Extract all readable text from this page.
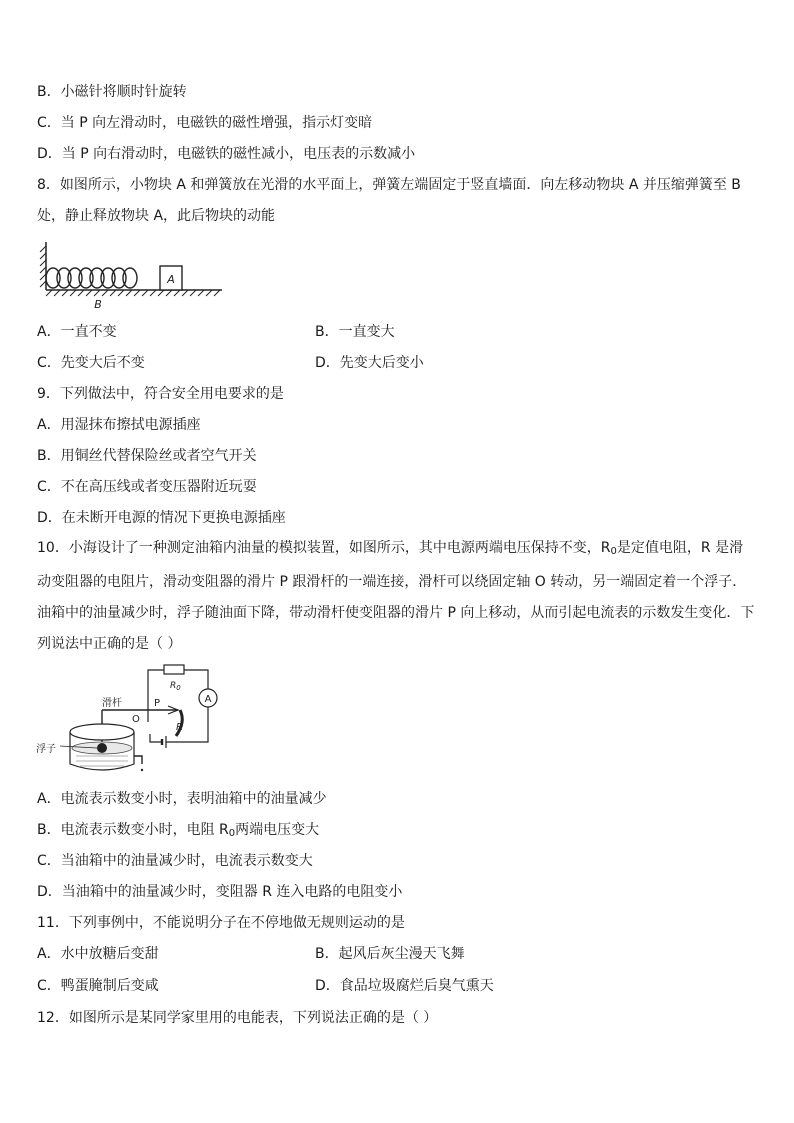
B．小磁针将顺时针旋转
C．当 P 向左滑动时，电磁铁的磁性增强，指示灯变暗
D．当 P 向右滑动时，电磁铁的磁性减小，电压表的示数减小
8．如图所示，小物块 A 和弹簧放在光滑的水平面上，弹簧左端固定于竖直墙面．向左移动物块 A 并压缩弹簧至 B 处，静止释放物块 A，此后物块的动能
A
B
A．一直不变	B．一直变大
C．先变大后不变	D．先变大后变小
9．下列做法中，符合安全用电要求的是
A．用湿抹布擦拭电源插座
B．用铜丝代替保险丝或者空气开关
C．不在高压线或者变压器附近玩耍
D．在未断开电源的情况下更换电源插座
10．小海设计了一种测定油箱内油量的模拟装置，如图所示，其中电源两端电压保持不变，$R_0$是定值电阻，R 是滑动变阻器的电阻片，滑动变阻器的滑片 P 跟滑杆的一端连接，滑杆可以绕固定轴 O 转动，另一端固定着一个浮子．油箱中的油量减少时，浮子随油面下降，带动滑杆使变阻器的滑片 P 向上移动，从而引起电流表的示数发生变化．下列说法中正确的是（ ）
A
R
$R_0$
P
O
滑杆
浮子
A．电流表示数变小时，表明油箱中的油量减少
B．电流表示数变小时，电阻 $R_0$两端电压变大
C．当油箱中的油量减少时，电流表示数变大
D．当油箱中的油量减少时，变阻器 R 连入电路的电阻变小
11．下列事例中，不能说明分子在不停地做无规则运动的是
A．水中放糖后变甜	B．起风后灰尘漫天飞舞
C．鸭蛋腌制后变咸	D．食品垃圾腐烂后臭气熏天
12．如图所示是某同学家里用的电能表，下列说法正确的是（ ）
